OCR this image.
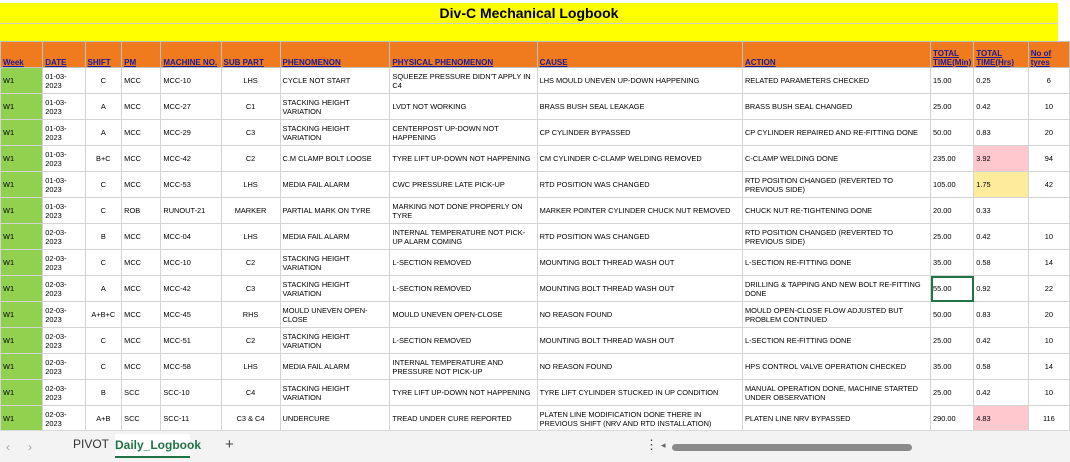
Div-C Mechanical Logbook
Week	DATE	SHIFT	PM	MACHINE NO.	SUB PART	PHENOMENON	PHYSICAL PHENOMENON	CAUSE	ACTION	TOTAL TIME(Min)	TOTAL TIME(Hrs)	No of tyres
W1	01-03-2023	C	MCC	MCC-10	LHS	CYCLE NOT START	SQUEEZE PRESSURE DIDN'T APPLY IN C4	LHS MOULD UNEVEN UP-DOWN HAPPENING	RELATED PARAMETERS CHECKED	15.00	0.25	6
W1	01-03-2023	A	MCC	MCC-27	C1	STACKING HEIGHT VARIATION	LVDT NOT WORKING	BRASS BUSH SEAL LEAKAGE	BRASS BUSH SEAL CHANGED	25.00	0.42	10
W1	01-03-2023	A	MCC	MCC-29	C3	STACKING HEIGHT VARIATION	CENTERPOST UP-DOWN NOT HAPPENING	CP CYLINDER BYPASSED	CP CYLINDER REPAIRED AND RE-FITTING DONE	50.00	0.83	20
W1	01-03-2023	B+C	MCC	MCC-42	C2	C.M CLAMP BOLT LOOSE	TYRE LIFT UP-DOWN NOT HAPPENING	CM CYLINDER C-CLAMP WELDING REMOVED	C-CLAMP WELDING DONE	235.00	3.92	94
W1	01-03-2023	C	MCC	MCC-53	LHS	MEDIA FAIL ALARM	CWC PRESSURE LATE PICK-UP	RTD POSITION WAS CHANGED	RTD POSITION CHANGED (REVERTED TO PREVIOUS SIDE)	105.00	1.75	42
W1	01-03-2023	C	ROB	RUNOUT-21	MARKER	PARTIAL MARK ON TYRE	MARKING NOT DONE PROPERLY ON TYRE	MARKER POINTER CYLINDER CHUCK NUT REMOVED	CHUCK NUT RE-TIGHTENING DONE	20.00	0.33	
W1	02-03-2023	B	MCC	MCC-04	LHS	MEDIA FAIL ALARM	INTERNAL TEMPERATURE NOT PICK-UP ALARM COMING	RTD POSITION WAS CHANGED	RTD POSITION CHANGED (REVERTED TO PREVIOUS SIDE)	25.00	0.42	10
W1	02-03-2023	C	MCC	MCC-10	C2	STACKING HEIGHT VARIATION	L-SECTION REMOVED	MOUNTING BOLT THREAD WASH OUT	L-SECTION RE-FITTING DONE	35.00	0.58	14
W1	02-03-2023	A	MCC	MCC-42	C3	STACKING HEIGHT VARIATION	L-SECTION REMOVED	MOUNTING BOLT THREAD WASH OUT	DRILLING & TAPPING AND NEW BOLT RE-FITTING DONE	55.00	0.92	22
W1	02-03-2023	A+B+C	MCC	MCC-45	RHS	MOULD UNEVEN OPEN-CLOSE	MOULD UNEVEN OPEN-CLOSE	NO REASON FOUND	MOULD OPEN-CLOSE FLOW ADJUSTED BUT PROBLEM CONTINUED	50.00	0.83	20
W1	02-03-2023	C	MCC	MCC-51	C2	STACKING HEIGHT VARIATION	L-SECTION REMOVED	MOUNTING BOLT THREAD WASH OUT	L-SECTION RE-FITTING DONE	25.00	0.42	10
W1	02-03-2023	C	MCC	MCC-58	LHS	MEDIA FAIL ALARM	INTERNAL TEMPERATURE AND PRESSURE NOT PICK-UP	NO REASON FOUND	HPS CONTROL VALVE OPERATION CHECKED	35.00	0.58	14
W1	02-03-2023	B	SCC	SCC-10	C4	STACKING HEIGHT VARIATION	TYRE LIFT UP-DOWN NOT HAPPENING	TYRE LIFT CYLINDER STUCKED IN UP CONDITION	MANUAL OPERATION DONE, MACHINE STARTED UNDER OBSERVATION	25.00	0.42	10
W1	02-03-2023	A+B	SCC	SCC-11	C3 & C4	UNDERCURE	TREAD UNDER CURE REPORTED	PLATEN LINE MODIFICATION DONE THERE IN PREVIOUS SHIFT (NRV AND RTD INSTALLATION)	PLATEN LINE NRV BYPASSED	290.00	4.83	116
‹ ›	PIVOT Daily_Logbook +	⋮ ◂
